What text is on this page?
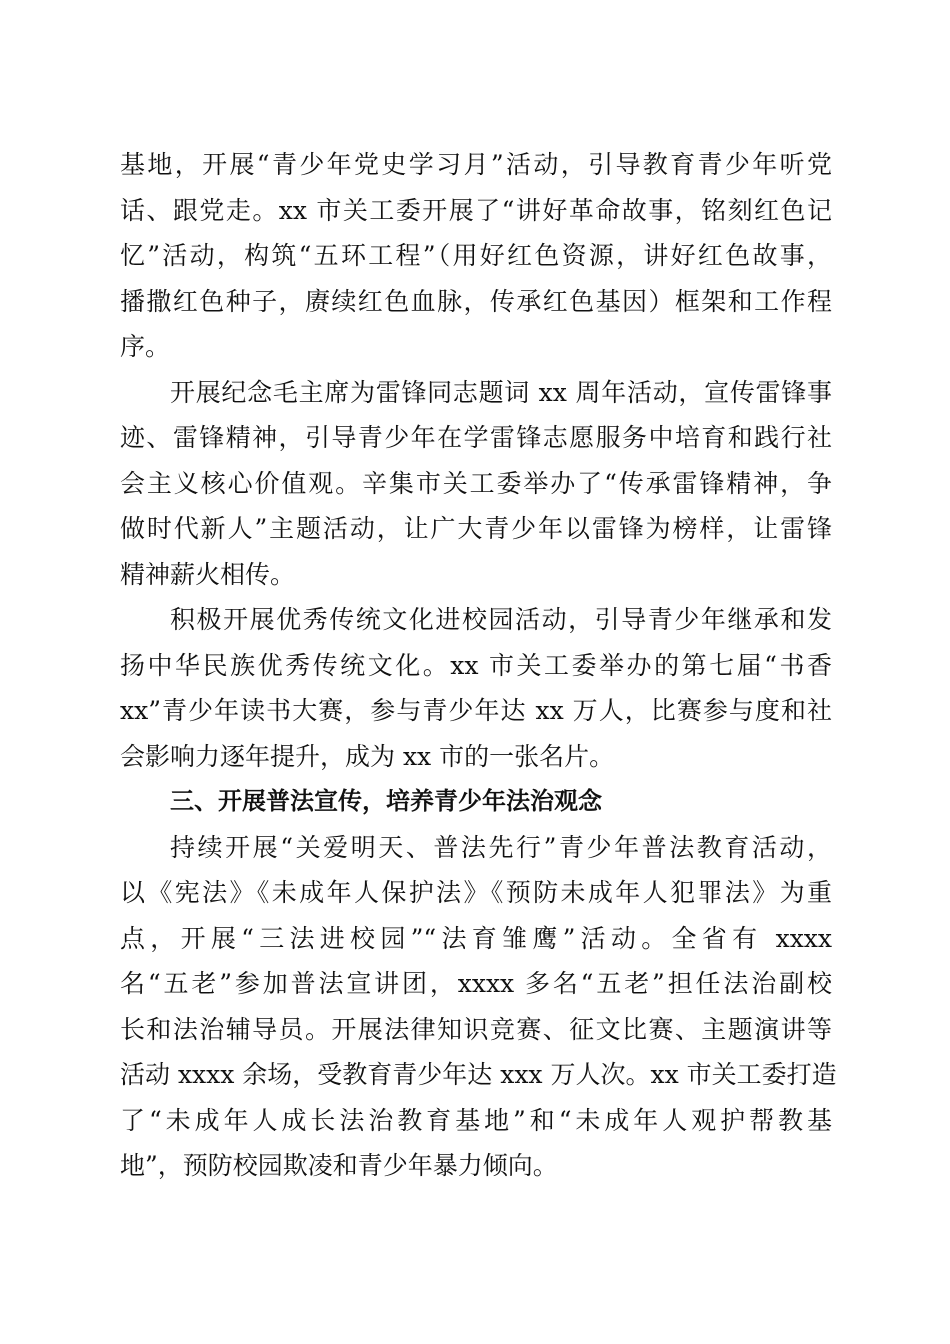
基地，开展“青少年党史学习月”活动，引导教育青少年听党
话、跟党走。xx 市关工委开展了“讲好革命故事，铭刻红色记
忆”活动，构筑“五环工程”（用好红色资源，讲好红色故事，
播撒红色种子，赓续红色血脉，传承红色基因）框架和工作程
序。
开展纪念毛主席为雷锋同志题词 xx 周年活动，宣传雷锋事
迹、雷锋精神，引导青少年在学雷锋志愿服务中培育和践行社
会主义核心价值观。辛集市关工委举办了“传承雷锋精神，争
做时代新人”主题活动，让广大青少年以雷锋为榜样，让雷锋
精神薪火相传。
积极开展优秀传统文化进校园活动，引导青少年继承和发
扬中华民族优秀传统文化。xx 市关工委举办的第七届“书香
xx”青少年读书大赛，参与青少年达 xx 万人，比赛参与度和社
会影响力逐年提升，成为 xx 市的一张名片。
三、开展普法宣传，培养青少年法治观念
持续开展“关爱明天、普法先行”青少年普法教育活动，
以《宪法》《未成年人保护法》《预防未成年人犯罪法》为重
点，开展“三法进校园”“法育雏鹰”活动。全省有 xxxx
名“五老”参加普法宣讲团，xxxx 多名“五老”担任法治副校
长和法治辅导员。开展法律知识竞赛、征文比赛、主题演讲等
活动 xxxx 余场，受教育青少年达 xxx 万人次。xx 市关工委打造
了“未成年人成长法治教育基地”和“未成年人观护帮教基
地”，预防校园欺凌和青少年暴力倾向。
